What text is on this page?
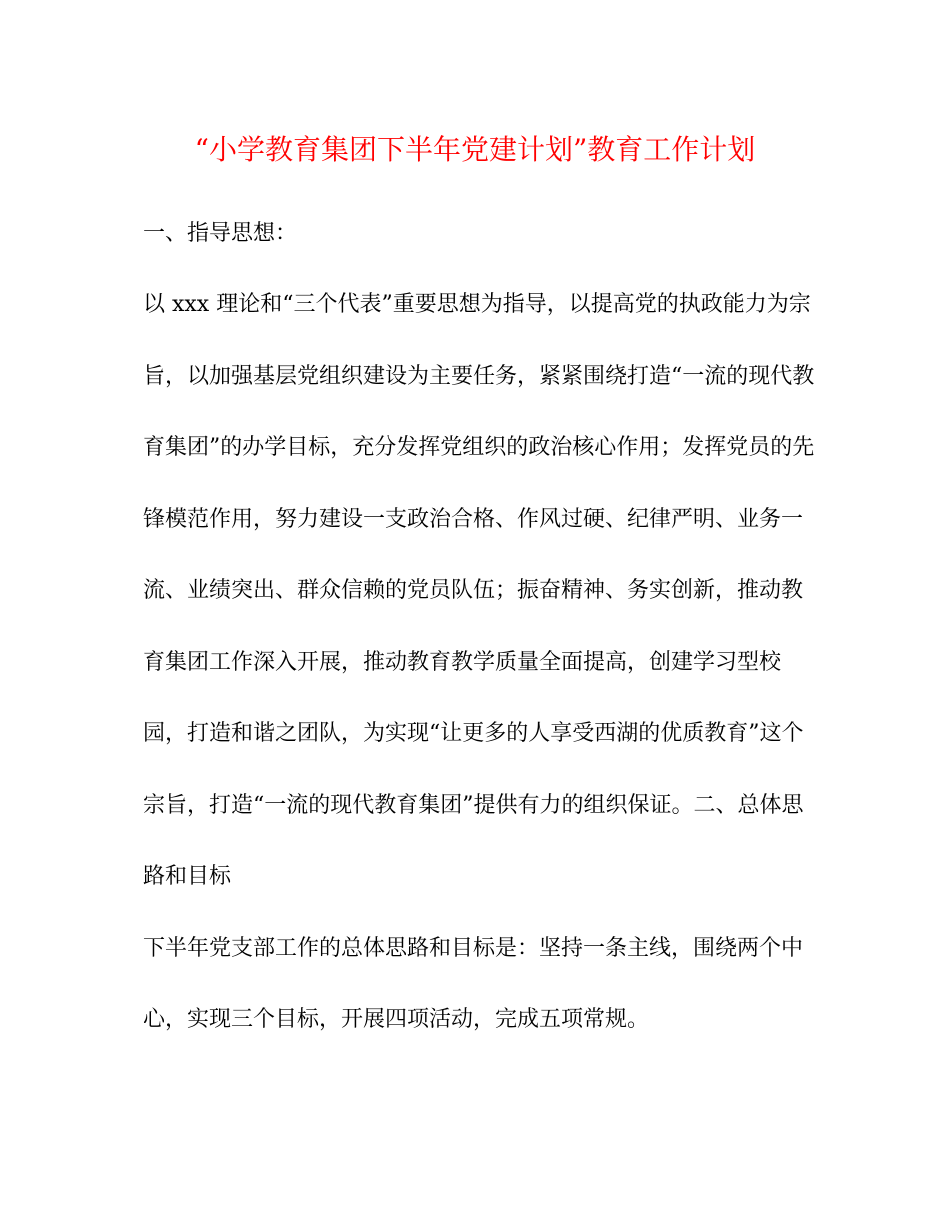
“小学教育集团下半年党建计划”教育工作计划
一、指导思想：
以 xxx 理论和“三个代表”重要思想为指导，以提高党的执政能力为宗
旨，以加强基层党组织建设为主要任务，紧紧围绕打造“一流的现代教
育集团”的办学目标，充分发挥党组织的政治核心作用；发挥党员的先
锋模范作用，努力建设一支政治合格、作风过硬、纪律严明、业务一
流、业绩突出、群众信赖的党员队伍；振奋精神、务实创新，推动教
育集团工作深入开展，推动教育教学质量全面提高，创建学习型校
园，打造和谐之团队，为实现“让更多的人享受西湖的优质教育”这个
宗旨，打造“一流的现代教育集团”提供有力的组织保证。二、总体思
路和目标
下半年党支部工作的总体思路和目标是：坚持一条主线，围绕两个中
心，实现三个目标，开展四项活动，完成五项常规。
